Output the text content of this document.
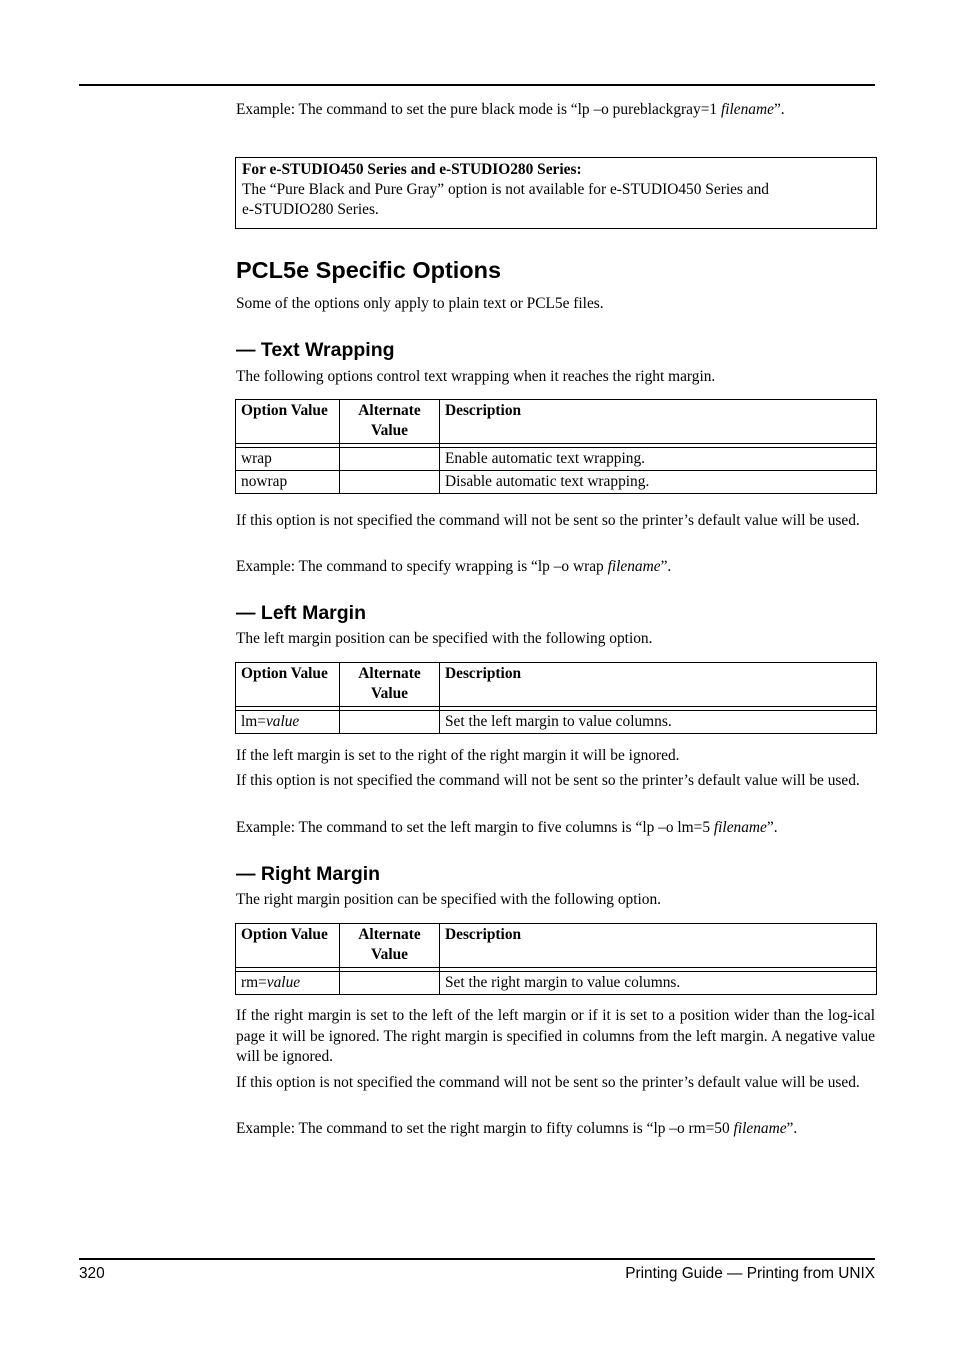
Example: The command to set the pure black mode is “lp –o pureblackgray=1 filename”.

For e-STUDIO450 Series and e-STUDIO280 Series:
The “Pure Black and Pure Gray” option is not available for e-STUDIO450 Series and
e-STUDIO280 Series.
PCL5e Specific Options

Some of the options only apply to plain text or PCL5e files.

— Text Wrapping

The following options control text wrapping when it reaches the right margin.

Option Value	Alternate
Value	Description

wrap		Enable automatic text wrapping.
nowrap		Disable automatic text wrapping.

If this option is not specified the command will not be sent so the printer’s default value will be used.

Example: The command to specify wrapping is “lp –o wrap filename”.

— Left Margin

The left margin position can be specified with the following option.

Option Value	Alternate
Value	Description

lm=value		Set the left margin to value columns.

If the left margin is set to the right of the right margin it will be ignored.

If this option is not specified the command will not be sent so the printer’s default value will be used.

Example: The command to set the left margin to five columns is “lp –o lm=5 filename”.

— Right Margin

The right margin position can be specified with the following option.

Option Value	Alternate
Value	Description

rm=value		Set the right margin to value columns.

If the right margin is set to the left of the left margin or if it is set to a position wider than the log-ical page it will be ignored. The right margin is specified in columns from the left margin. A negative value will be ignored.

If this option is not specified the command will not be sent so the printer’s default value will be used.

Example: The command to set the right margin to fifty columns is “lp –o rm=50 filename”.

320	Printing Guide — Printing from UNIX
